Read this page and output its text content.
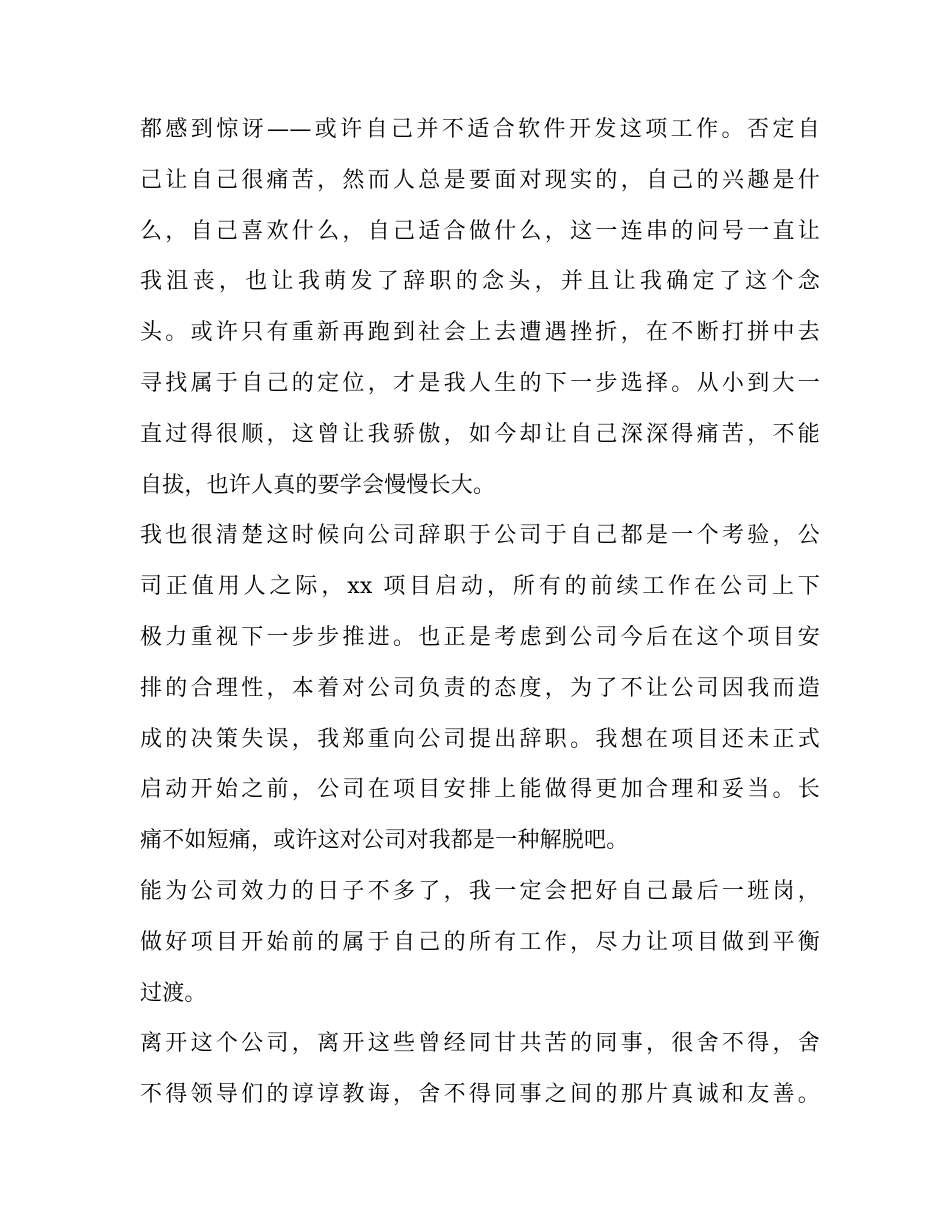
都感到惊讶——或许自己并不适合软件开发这项工作。否定自
己让自己很痛苦，然而人总是要面对现实的，自己的兴趣是什
么，自己喜欢什么，自己适合做什么，这一连串的问号一直让
我沮丧，也让我萌发了辞职的念头，并且让我确定了这个念
头。或许只有重新再跑到社会上去遭遇挫折，在不断打拼中去
寻找属于自己的定位，才是我人生的下一步选择。从小到大一
直过得很顺，这曾让我骄傲，如今却让自己深深得痛苦，不能
自拔，也许人真的要学会慢慢长大。
我也很清楚这时候向公司辞职于公司于自己都是一个考验，公
司正值用人之际，xx 项目启动，所有的前续工作在公司上下
极力重视下一步步推进。也正是考虑到公司今后在这个项目安
排的合理性，本着对公司负责的态度，为了不让公司因我而造
成的决策失误，我郑重向公司提出辞职。我想在项目还未正式
启动开始之前，公司在项目安排上能做得更加合理和妥当。长
痛不如短痛，或许这对公司对我都是一种解脱吧。
能为公司效力的日子不多了，我一定会把好自己最后一班岗，
做好项目开始前的属于自己的所有工作，尽力让项目做到平衡
过渡。
离开这个公司，离开这些曾经同甘共苦的同事，很舍不得，舍
不得领导们的谆谆教诲，舍不得同事之间的那片真诚和友善。
